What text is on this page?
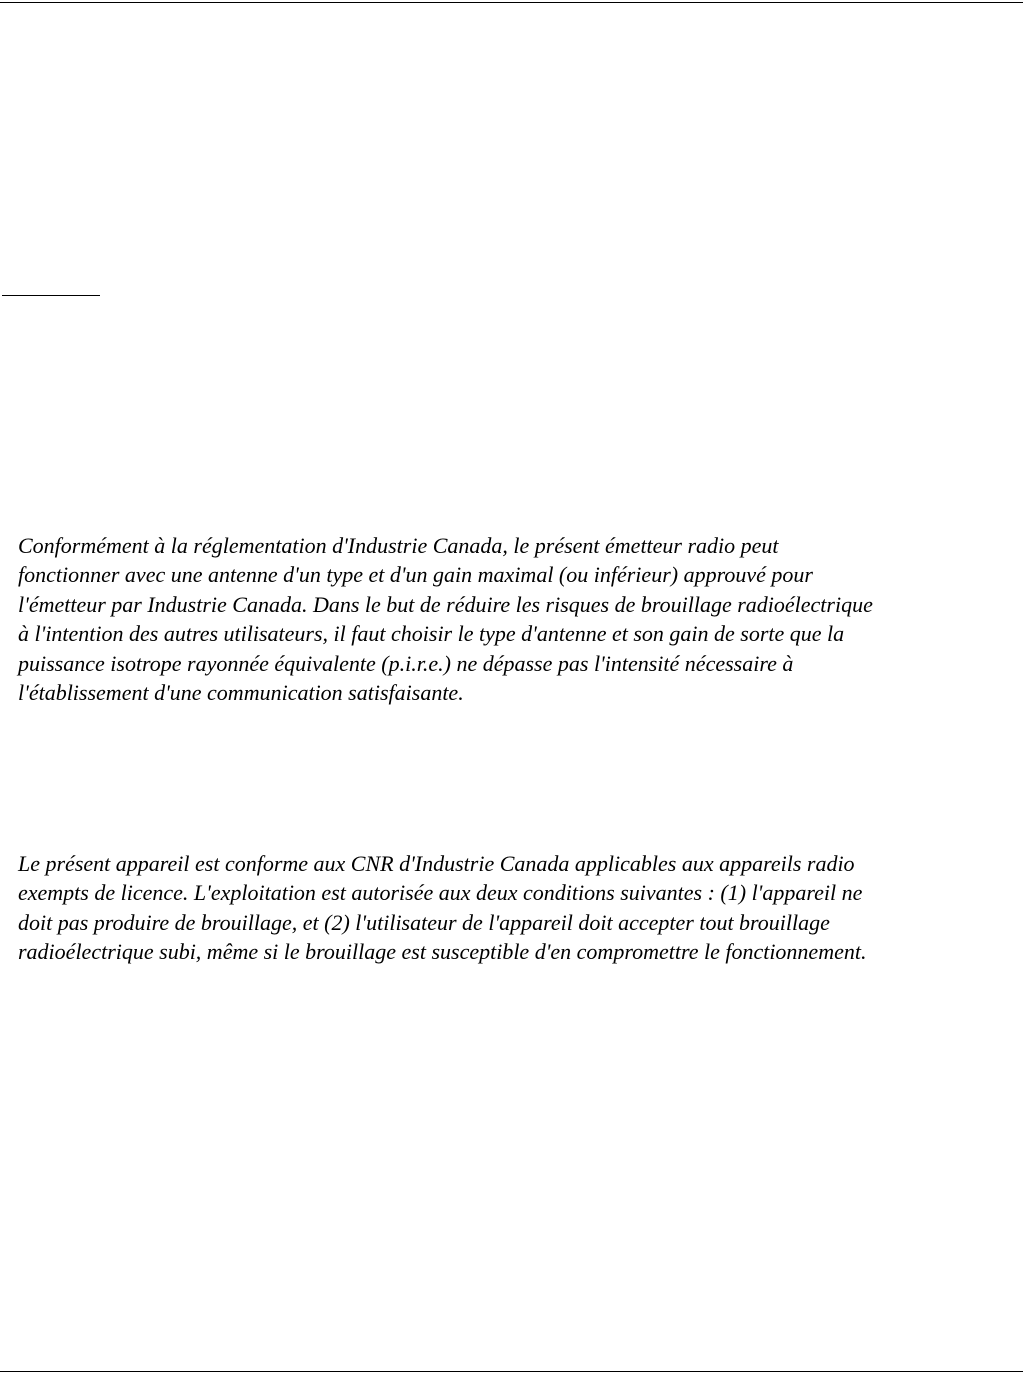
Conformément à la réglementation d'Industrie Canada, le présent émetteur radio peut
fonctionner avec une antenne d'un type et d'un gain maximal (ou inférieur) approuvé pour
l'émetteur par Industrie Canada. Dans le but de réduire les risques de brouillage radioélectrique
à l'intention des autres utilisateurs, il faut choisir le type d'antenne et son gain de sorte que la
puissance isotrope rayonnée équivalente (p.i.r.e.) ne dépasse pas l'intensité nécessaire à
l'établissement d'une communication satisfaisante.

Le présent appareil est conforme aux CNR d'Industrie Canada applicables aux appareils radio
exempts de licence. L'exploitation est autorisée aux deux conditions suivantes : (1) l'appareil ne
doit pas produire de brouillage, et (2) l'utilisateur de l'appareil doit accepter tout brouillage
radioélectrique subi, même si le brouillage est susceptible d'en compromettre le fonctionnement.
